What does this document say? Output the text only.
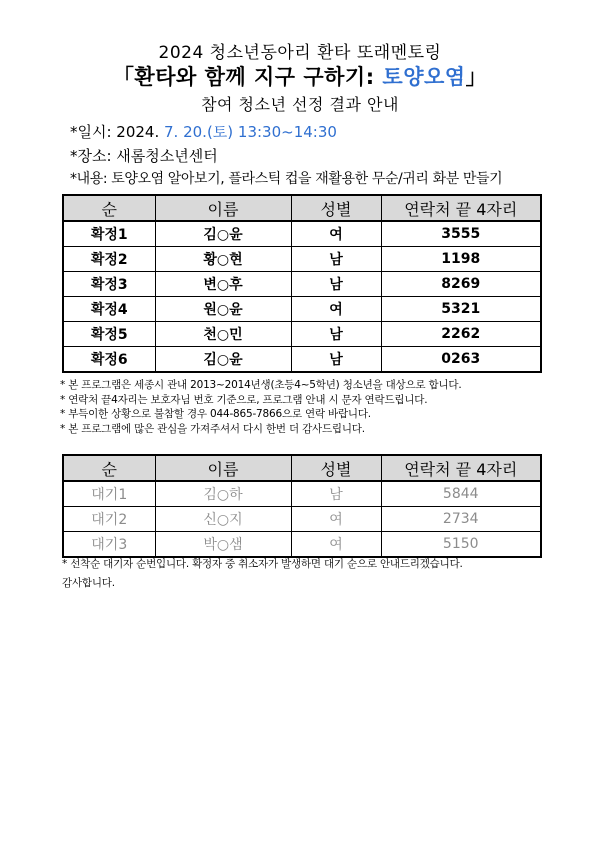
2024 청소년동아리 환타 또래멘토링
「환타와 함께 지구 구하기: 토양오염」
참여 청소년 선정 결과 안내
*일시: 2024. 7. 20.(토) 13:30~14:30
*장소: 새롬청소년센터
*내용: 토양오염 알아보기, 플라스틱 컵을 재활용한 무순/귀리 화분 만들기
순	이름	성별	연락처 끝 4자리
확정1	김○윤	여	3555
확정2	황○현	남	1198
확정3	변○후	남	8269
확정4	원○윤	여	5321
확정5	천○민	남	2262
확정6	김○윤	남	0263
* 본 프로그램은 세종시 관내 2013~2014년생(초등4~5학년) 청소년을 대상으로 합니다.
* 연락처 끝4자리는 보호자님 번호 기준으로, 프로그램 안내 시 문자 연락드립니다.
* 부득이한 상황으로 불참할 경우 044-865-7866으로 연락 바랍니다.
* 본 프로그램에 많은 관심을 가져주셔서 다시 한번 더 감사드립니다.
순	이름	성별	연락처 끝 4자리
대기1	김○하	남	5844
대기2	신○지	여	2734
대기3	박○샘	여	5150
* 선착순 대기자 순번입니다. 확정자 중 취소자가 발생하면 대기 순으로 안내드리겠습니다.
감사합니다.
